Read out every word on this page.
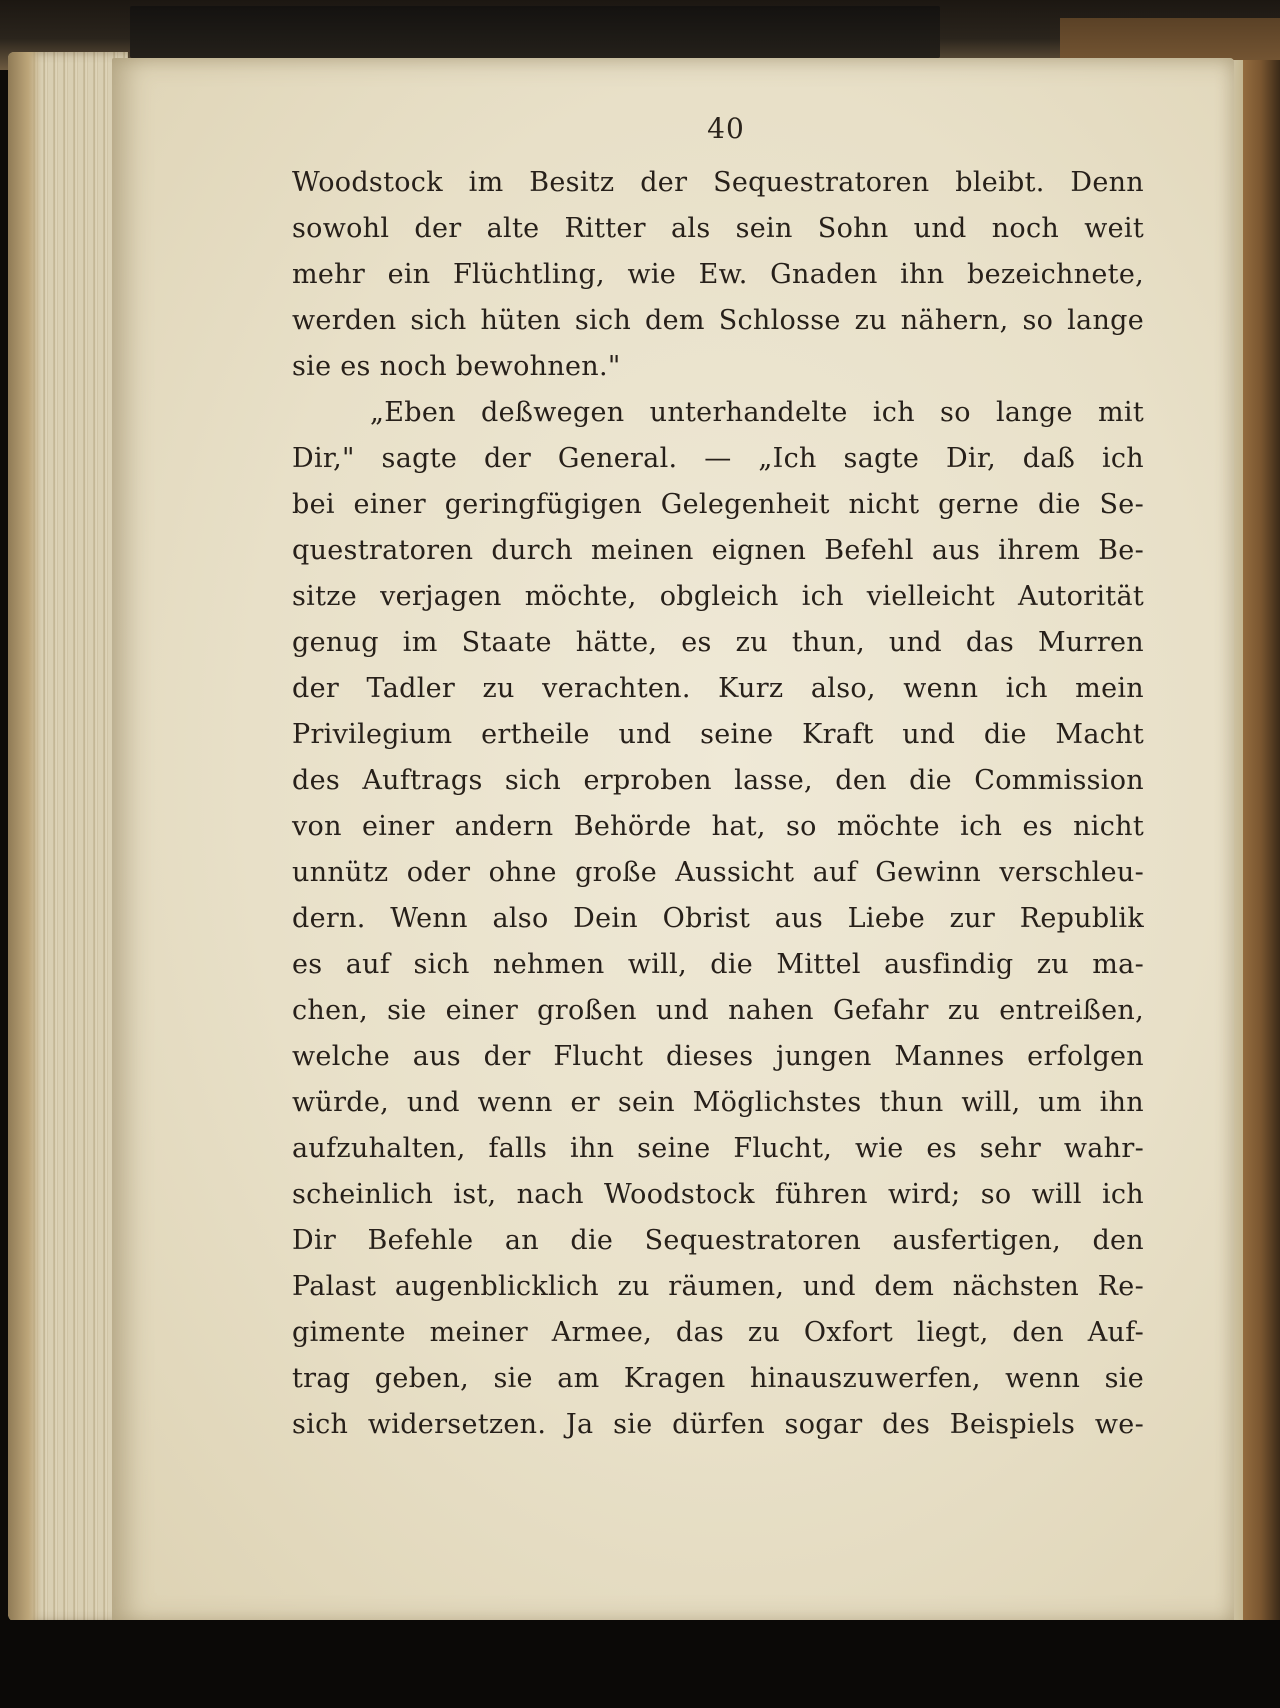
40
Woodstock im Besitz der Sequestratoren bleibt. Denn
sowohl der alte Ritter als sein Sohn und noch weit
mehr ein Flüchtling, wie Ew. Gnaden ihn bezeichnete,
werden sich hüten sich dem Schlosse zu nähern, so lange
sie es noch bewohnen."
„Eben deßwegen unterhandelte ich so lange mit
Dir," sagte der General. — „Ich sagte Dir, daß ich
bei einer geringfügigen Gelegenheit nicht gerne die Se-
questratoren durch meinen eignen Befehl aus ihrem Be-
sitze verjagen möchte, obgleich ich vielleicht Autorität
genug im Staate hätte, es zu thun, und das Murren
der Tadler zu verachten. Kurz also, wenn ich mein
Privilegium ertheile und seine Kraft und die Macht
des Auftrags sich erproben lasse, den die Commission
von einer andern Behörde hat, so möchte ich es nicht
unnütz oder ohne große Aussicht auf Gewinn verschleu-
dern. Wenn also Dein Obrist aus Liebe zur Republik
es auf sich nehmen will, die Mittel ausfindig zu ma-
chen, sie einer großen und nahen Gefahr zu entreißen,
welche aus der Flucht dieses jungen Mannes erfolgen
würde, und wenn er sein Möglichstes thun will, um ihn
aufzuhalten, falls ihn seine Flucht, wie es sehr wahr-
scheinlich ist, nach Woodstock führen wird; so will ich
Dir Befehle an die Sequestratoren ausfertigen, den
Palast augenblicklich zu räumen, und dem nächsten Re-
gimente meiner Armee, das zu Oxfort liegt, den Auf-
trag geben, sie am Kragen hinauszuwerfen, wenn sie
sich widersetzen. Ja sie dürfen sogar des Beispiels we-
